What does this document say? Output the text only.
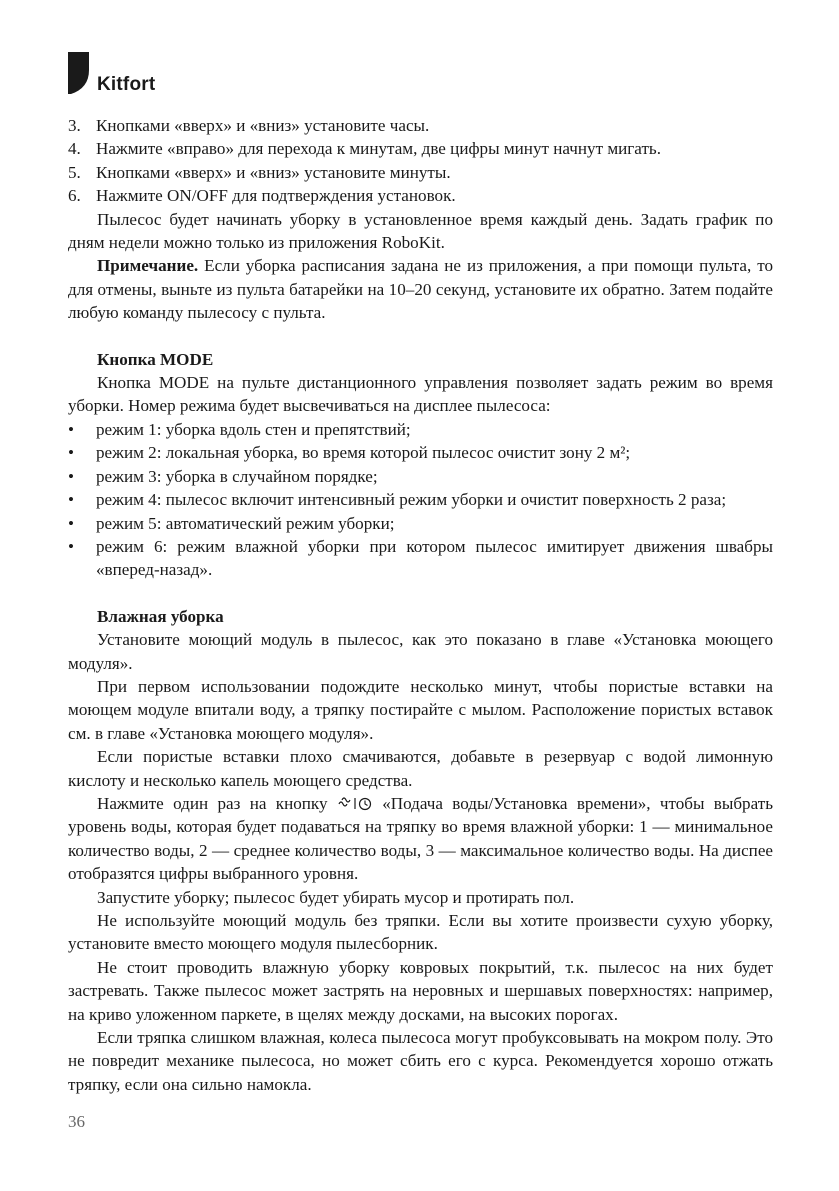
Kitfort

3. Кнопками «вверх» и «вниз» установите часы.

4. Нажмите «вправо» для перехода к минутам, две цифры минут начнут мигать.

5. Кнопками «вверх» и «вниз» установите минуты.

6. Нажмите ON/OFF для подтверждения установок.

Пылесос будет начинать уборку в установленное время каждый день. Задать график по дням недели можно только из приложения RoboKit.

Примечание. Если уборка расписания задана не из приложения, а при помощи пульта, то для отмены, выньте из пульта батарейки на 10–20 секунд, установите их обратно. Затем подайте любую команду пылесосу с пульта.

Кнопка MODE

Кнопка MODE на пульте дистанционного управления позволяет задать режим во время уборки. Номер режима будет высвечиваться на дисплее пылесоса:

•	режим 1: уборка вдоль стен и препятствий;

•	режим 2: локальная уборка, во время которой пылесос очистит зону 2 м²;

•	режим 3: уборка в случайном порядке;

•	режим 4: пылесос включит интенсивный режим уборки и очистит поверхность 2 раза;

•	режим 5: автоматический режим уборки;

•	режим 6: режим влажной уборки при котором пылесос имитирует движения швабры «вперед-назад».

Влажная уборка

Установите моющий модуль в пылесос, как это показано в главе «Установка моющего модуля».

При первом использовании подождите несколько минут, чтобы пористые вставки на моющем модуле впитали воду, а тряпку постирайте с мылом. Расположение пористых вставок см. в главе «Установка моющего модуля».

Если пористые вставки плохо смачиваются, добавьте в резервуар с водой лимонную кислоту и несколько капель моющего средства.

Нажмите один раз на кнопку  «Подача воды/Установка времени», чтобы выбрать уровень воды, которая будет подаваться на тряпку во время влажной уборки: 1 — минимальное количество воды, 2 — среднее количество воды, 3 — максимальное количество воды. На диспее отобразятся цифры выбранного уровня.

Запустите уборку; пылесос будет убирать мусор и протирать пол.

Не используйте моющий модуль без тряпки. Если вы хотите произвести сухую уборку, установите вместо моющего модуля пылесборник.

Не стоит проводить влажную уборку ковровых покрытий, т.к. пылесос на них будет застревать. Также пылесос может застрять на неровных и шершавых поверхностях: например, на криво уложенном паркете, в щелях между досками, на высоких порогах.

Если тряпка слишком влажная, колеса пылесоса могут пробуксовывать на мокром полу. Это не повредит механике пылесоса, но может сбить его с курса. Рекомендуется хорошо отжать тряпку, если она сильно намокла.

36
